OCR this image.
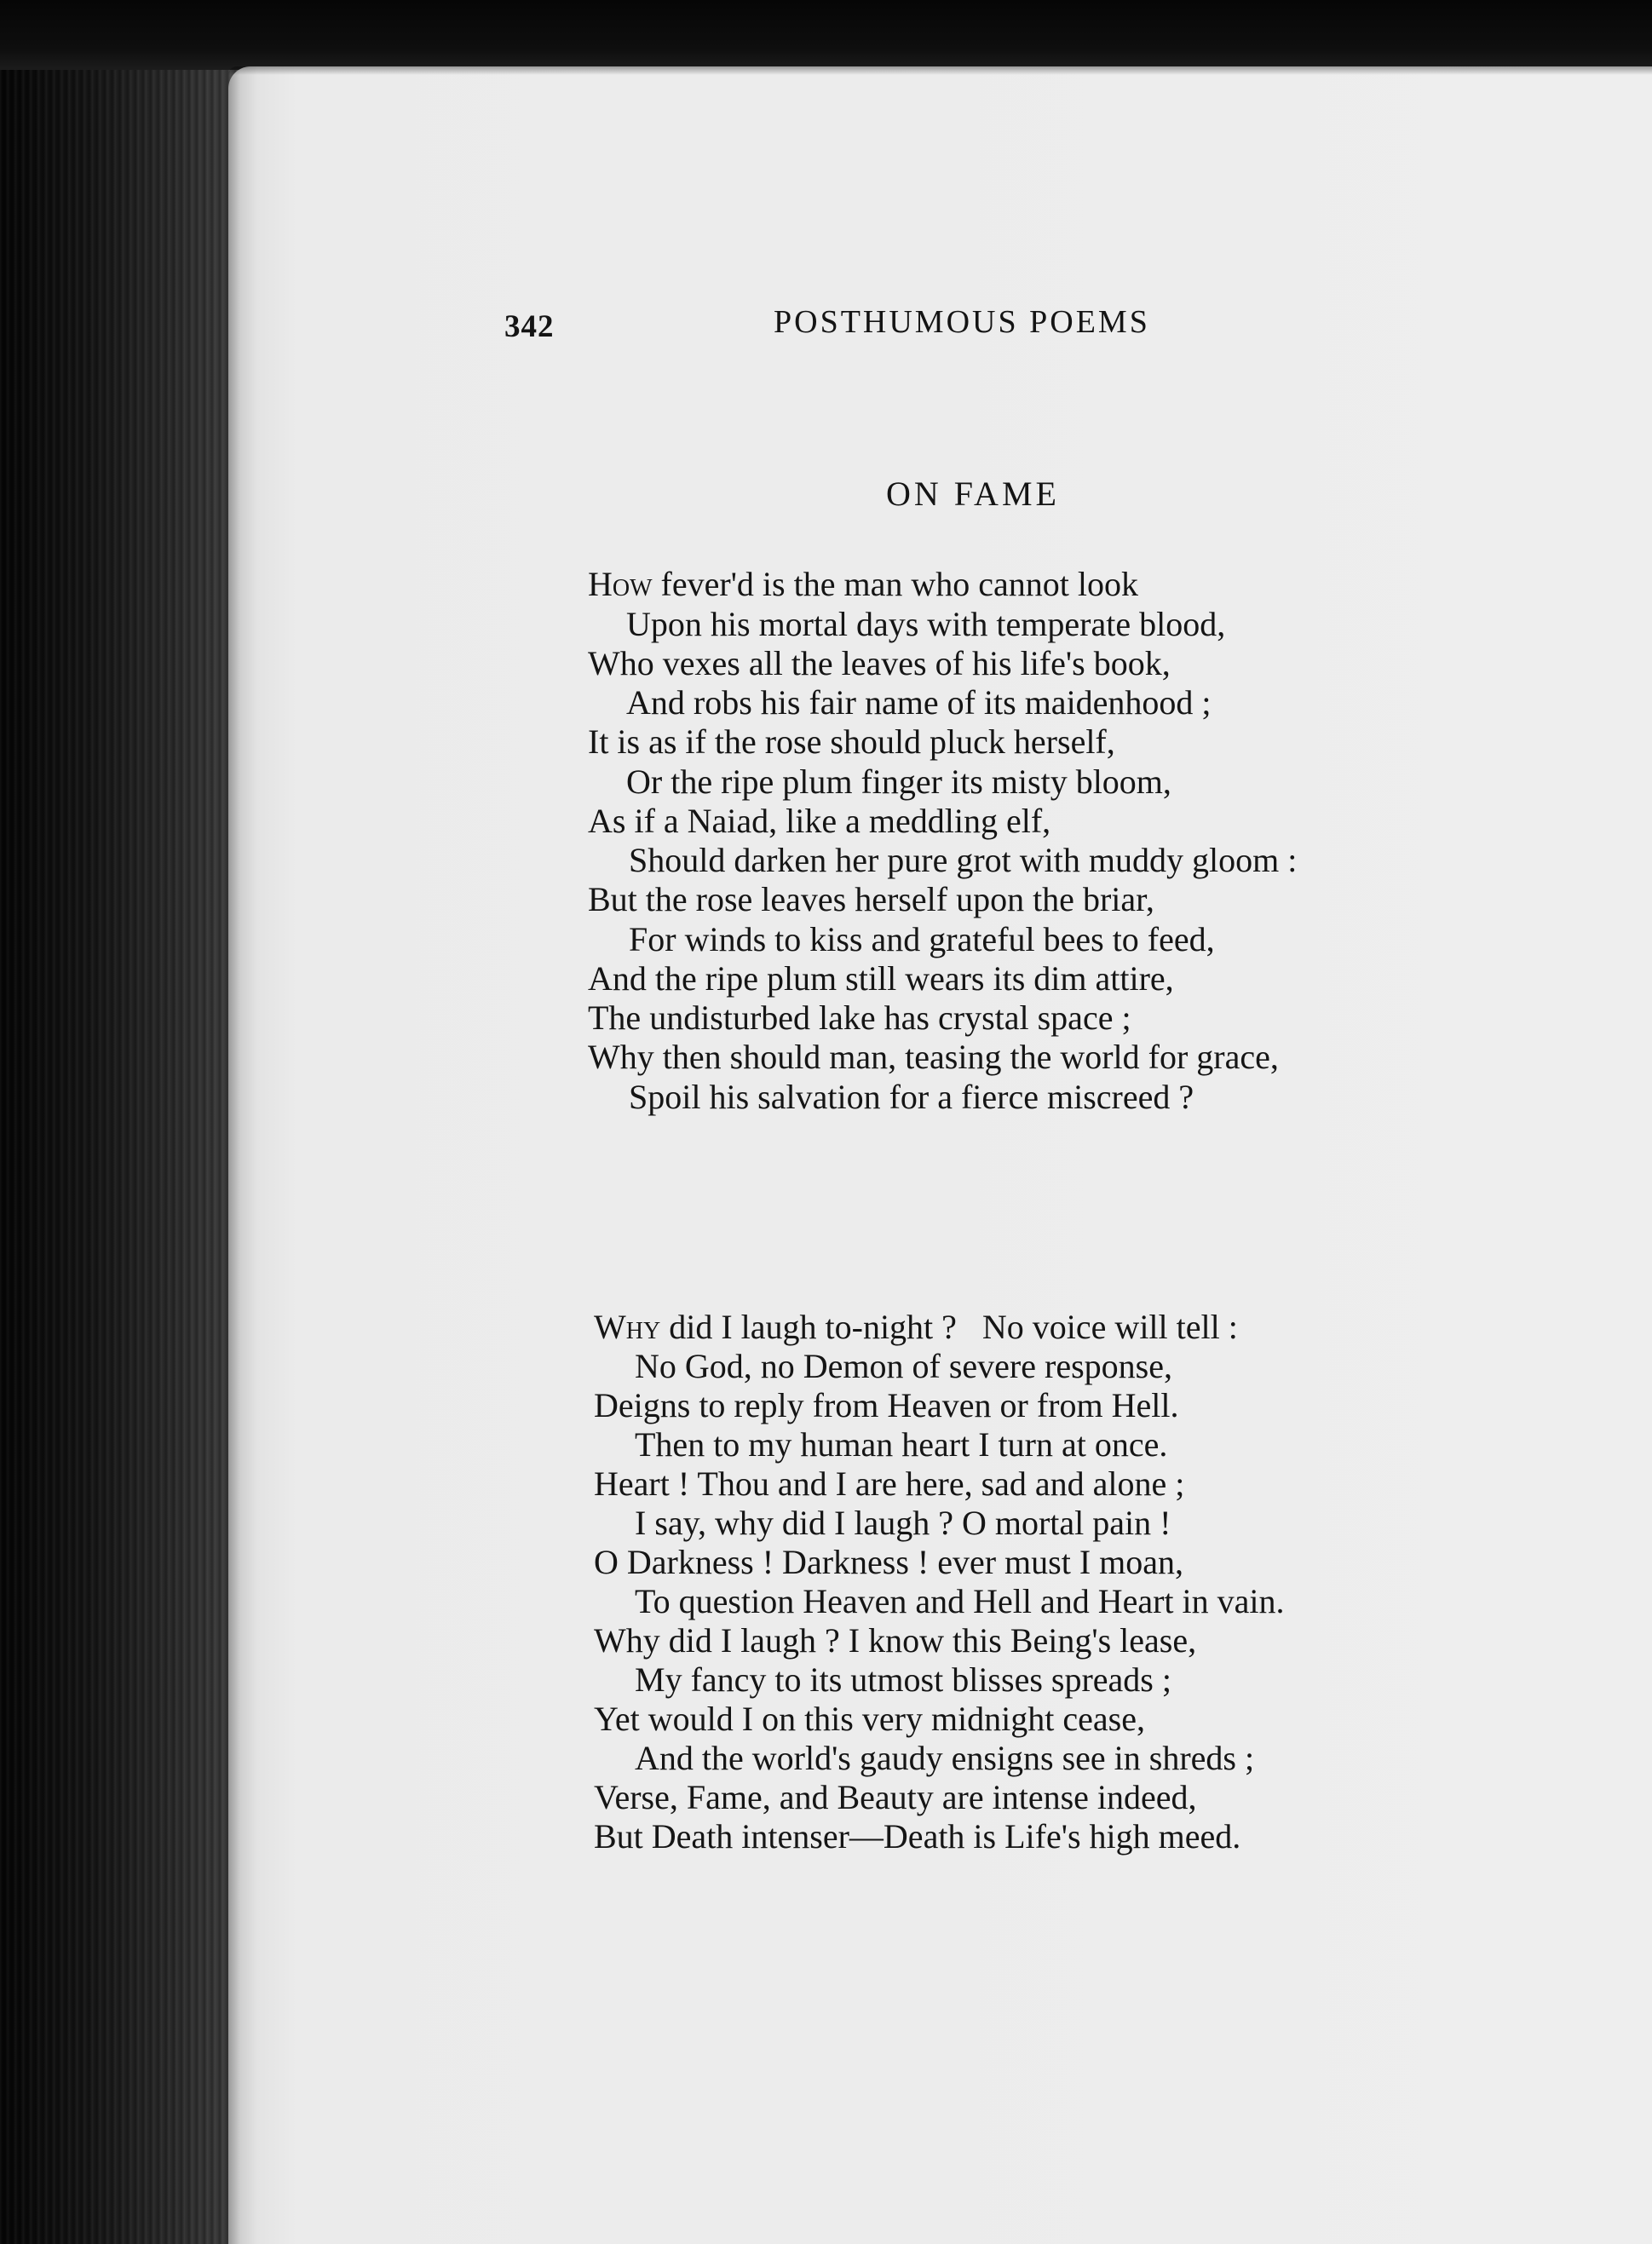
342	POSTHUMOUS POEMS
ON FAME
How fever'd is the man who cannot look
Upon his mortal days with temperate blood,
Who vexes all the leaves of his life's book,
And robs his fair name of its maidenhood ;
It is as if the rose should pluck herself,
Or the ripe plum finger its misty bloom,
As if a Naiad, like a meddling elf,
Should darken her pure grot with muddy gloom :
But the rose leaves herself upon the briar,
For winds to kiss and grateful bees to feed,
And the ripe plum still wears its dim attire,
The undisturbed lake has crystal space ;
Why then should man, teasing the world for grace,
Spoil his salvation for a fierce miscreed ?
Why did I laugh to-night ?   No voice will tell :
No God, no Demon of severe response,
Deigns to reply from Heaven or from Hell.
Then to my human heart I turn at once.
Heart ! Thou and I are here, sad and alone ;
I say, why did I laugh ? O mortal pain !
O Darkness ! Darkness ! ever must I moan,
To question Heaven and Hell and Heart in vain.
Why did I laugh ? I know this Being's lease,
My fancy to its utmost blisses spreads ;
Yet would I on this very midnight cease,
And the world's gaudy ensigns see in shreds ;
Verse, Fame, and Beauty are intense indeed,
But Death intenser—Death is Life's high meed.
